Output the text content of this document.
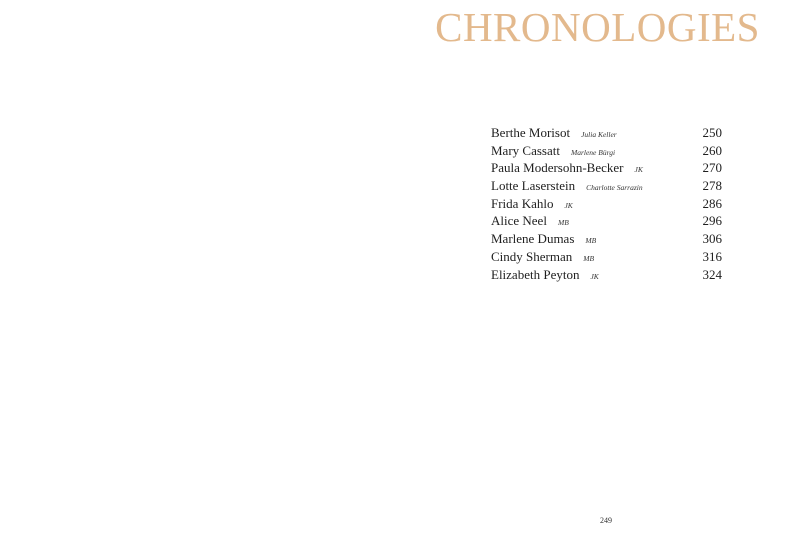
CHRONOLOGIES
Berthe Morisot Julia Keller	250
Mary Cassatt Marlene Bürgi	260
Paula Modersohn-Becker JK	270
Lotte Laserstein Charlotte Sarrazin	278
Frida Kahlo JK	286
Alice Neel MB	296
Marlene Dumas MB	306
Cindy Sherman MB	316
Elizabeth Peyton JK	324
249
